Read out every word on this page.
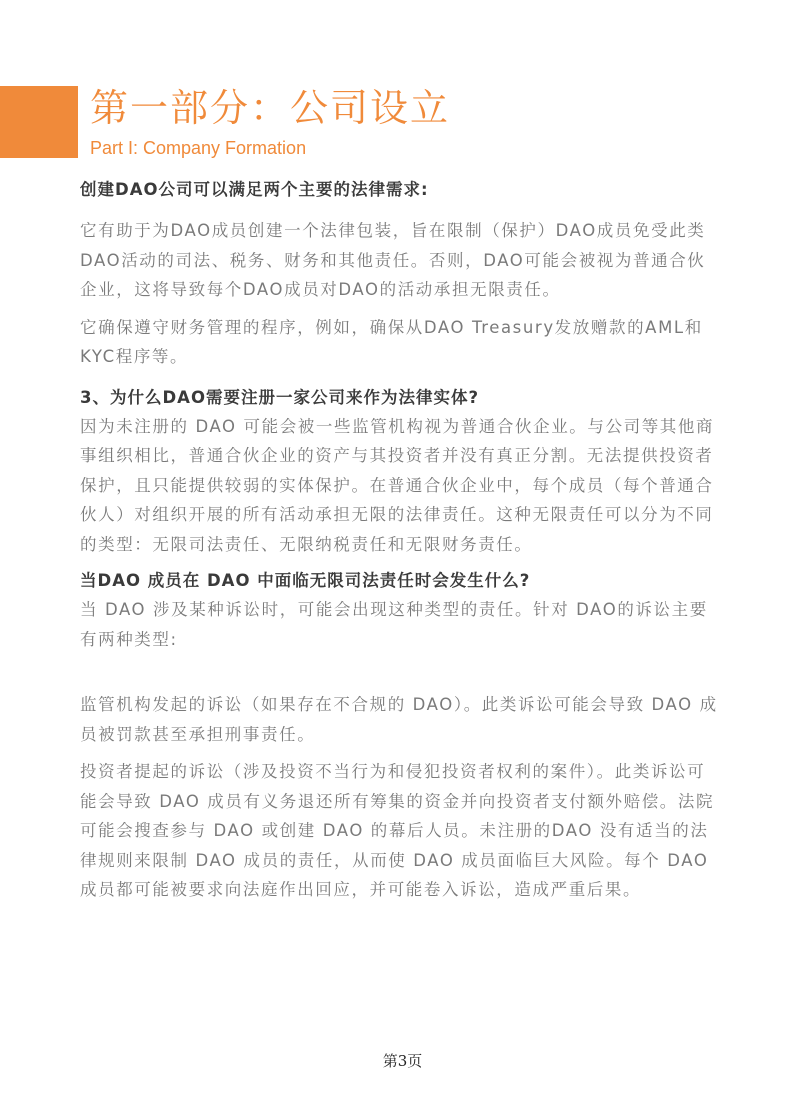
第一部分：公司设立
Part I: Company Formation

创建DAO公司可以满足两个主要的法律需求:

它有助于为DAO成员创建一个法律包装，旨在限制（保护）DAO成员免受此类DAO活动的司法、税务、财务和其他责任。否则，DAO可能会被视为普通合伙企业，这将导致每个DAO成员对DAO的活动承担无限责任。

它确保遵守财务管理的程序，例如，确保从DAO Treasury发放赠款的AML和KYC程序等。

3、为什么DAO需要注册一家公司来作为法律实体?

因为未注册的 DAO 可能会被一些监管机构视为普通合伙企业。与公司等其他商事组织相比，普通合伙企业的资产与其投资者并没有真正分割。无法提供投资者保护，且只能提供较弱的实体保护。在普通合伙企业中，每个成员（每个普通合伙人）对组织开展的所有活动承担无限的法律责任。这种无限责任可以分为不同的类型：无限司法责任、无限纳税责任和无限财务责任。

当DAO 成员在 DAO 中面临无限司法责任时会发生什么?

当 DAO 涉及某种诉讼时，可能会出现这种类型的责任。针对 DAO的诉讼主要有两种类型:

监管机构发起的诉讼（如果存在不合规的 DAO）。此类诉讼可能会导致 DAO 成员被罚款甚至承担刑事责任。

投资者提起的诉讼（涉及投资不当行为和侵犯投资者权利的案件）。此类诉讼可能会导致 DAO 成员有义务退还所有筹集的资金并向投资者支付额外赔偿。法院可能会搜查参与 DAO 或创建 DAO 的幕后人员。未注册的DAO 没有适当的法律规则来限制 DAO 成员的责任，从而使 DAO 成员面临巨大风险。每个 DAO 成员都可能被要求向法庭作出回应，并可能卷入诉讼，造成严重后果。

第3页
